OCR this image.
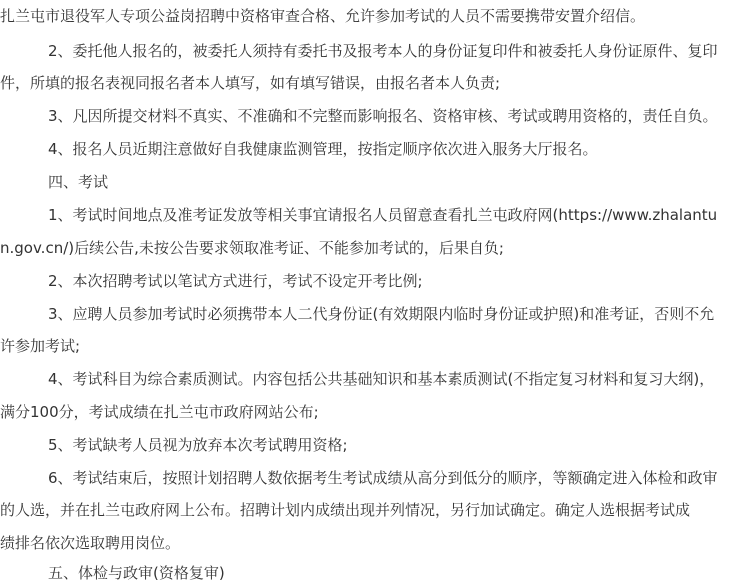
扎兰屯市退役军人专项公益岗招聘中资格审查合格、允许参加考试的人员不需要携带安置介绍信。
2、委托他人报名的，被委托人须持有委托书及报考本人的身份证复印件和被委托人身份证原件、复印
件，所填的报名表视同报名者本人填写，如有填写错误，由报名者本人负责;
3、凡因所提交材料不真实、不准确和不完整而影响报名、资格审核、考试或聘用资格的，责任自负。
4、报名人员近期注意做好自我健康监测管理，按指定顺序依次进入服务大厅报名。
四、考试
1、考试时间地点及准考证发放等相关事宜请报名人员留意查看扎兰屯政府网(https://www.zhalantu
n.gov.cn/)后续公告,未按公告要求领取准考证、不能参加考试的，后果自负;
2、本次招聘考试以笔试方式进行，考试不设定开考比例;
3、应聘人员参加考试时必须携带本人二代身份证(有效期限内临时身份证或护照)和准考证，否则不允
许参加考试;
4、考试科目为综合素质测试。内容包括公共基础知识和基本素质测试(不指定复习材料和复习大纲)，
满分100分，考试成绩在扎兰屯市政府网站公布;
5、考试缺考人员视为放弃本次考试聘用资格;
6、考试结束后，按照计划招聘人数依据考生考试成绩从高分到低分的顺序，等额确定进入体检和政审
的人选，并在扎兰屯政府网上公布。招聘计划内成绩出现并列情况，另行加试确定。确定人选根据考试成
绩排名依次选取聘用岗位。
五、体检与政审(资格复审)
